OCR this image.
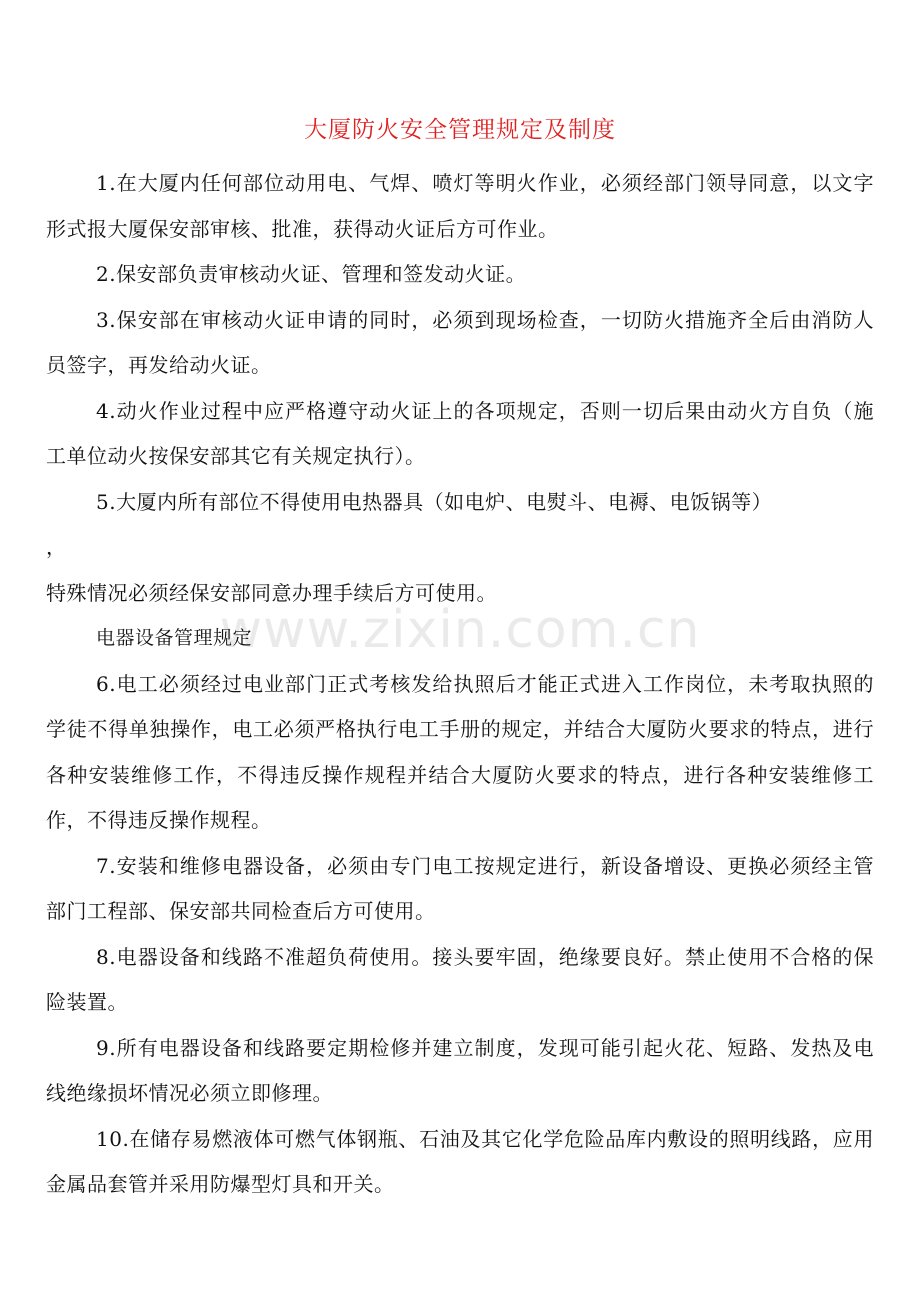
www.zixin.com.cn
大厦防火安全管理规定及制度

1.在大厦内任何部位动用电、气焊、喷灯等明火作业，必须经部门领导同意，以文字形式报大厦保安部审核、批准，获得动火证后方可作业。

2.保安部负责审核动火证、管理和签发动火证。

3.保安部在审核动火证申请的同时，必须到现场检查，一切防火措施齐全后由消防人员签字，再发给动火证。

4.动火作业过程中应严格遵守动火证上的各项规定，否则一切后果由动火方自负（施工单位动火按保安部其它有关规定执行）。

5.大厦内所有部位不得使用电热器具（如电炉、电熨斗、电褥、电饭锅等）

，

特殊情况必须经保安部同意办理手续后方可使用。

电器设备管理规定

6.电工必须经过电业部门正式考核发给执照后才能正式进入工作岗位，未考取执照的学徒不得单独操作，电工必须严格执行电工手册的规定，并结合大厦防火要求的特点，进行各种安装维修工作，不得违反操作规程并结合大厦防火要求的特点，进行各种安装维修工作，不得违反操作规程。

7.安装和维修电器设备，必须由专门电工按规定进行，新设备增设、更换必须经主管部门工程部、保安部共同检查后方可使用。

8.电器设备和线路不准超负荷使用。接头要牢固，绝缘要良好。禁止使用不合格的保险装置。

9.所有电器设备和线路要定期检修并建立制度，发现可能引起火花、短路、发热及电线绝缘损坏情况必须立即修理。

10.在储存易燃液体可燃气体钢瓶、石油及其它化学危险品库内敷设的照明线路，应用金属品套管并采用防爆型灯具和开关。
